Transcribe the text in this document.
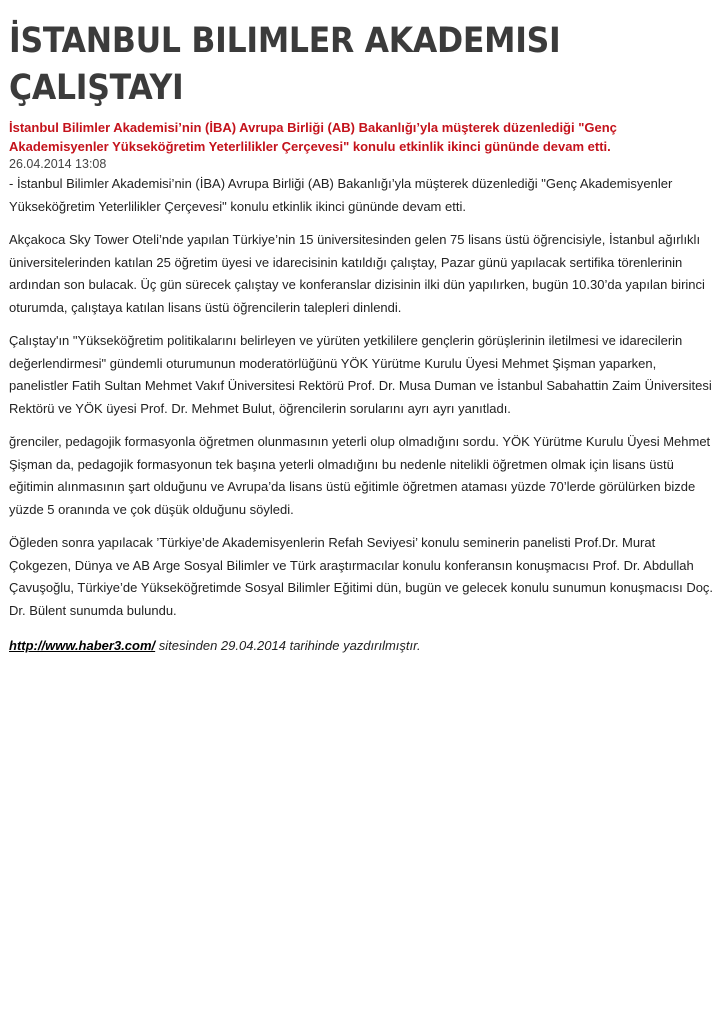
İSTANBUL BILIMLER AKADEMISI
ÇALIŞTAYI

İstanbul Bilimler Akademisi’nin (İBA) Avrupa Birliği (AB) Bakanlığı’yla müşterek düzenlediği "Genç Akademisyenler Yükseköğretim Yeterlilikler Çerçevesi" konulu etkinlik ikinci gününde devam etti.

26.04.2014 13:08

- İstanbul Bilimler Akademisi’nin (İBA) Avrupa Birliği (AB) Bakanlığı’yla müşterek düzenlediği "Genç Akademisyenler Yükseköğretim Yeterlilikler Çerçevesi" konulu etkinlik ikinci gününde devam etti.

Akçakoca Sky Tower Oteli’nde yapılan Türkiye’nin 15 üniversitesinden gelen 75 lisans üstü öğrencisiyle, İstanbul ağırlıklı üniversitelerinden katılan 25 öğretim üyesi ve idarecisinin katıldığı çalıştay, Pazar günü yapılacak sertifika törenlerinin ardından son bulacak. Üç gün sürecek çalıştay ve konferanslar dizisinin ilki dün yapılırken, bugün 10.30’da yapılan birinci oturumda, çalıştaya katılan lisans üstü öğrencilerin talepleri dinlendi.

Çalıştay'ın "Yükseköğretim politikalarını belirleyen ve yürüten yetkililere gençlerin görüşlerinin iletilmesi ve idarecilerin değerlendirmesi" gündemli oturumunun moderatörlüğünü YÖK Yürütme Kurulu Üyesi Mehmet Şişman yaparken, panelistler Fatih Sultan Mehmet Vakıf Üniversitesi Rektörü Prof. Dr. Musa Duman ve İstanbul Sabahattin Zaim Üniversitesi Rektörü ve YÖK üyesi Prof. Dr. Mehmet Bulut, öğrencilerin sorularını ayrı ayrı yanıtladı.

ğrenciler, pedagojik formasyonla öğretmen olunmasının yeterli olup olmadığını sordu. YÖK Yürütme Kurulu Üyesi Mehmet Şişman da, pedagojik formasyonun tek başına yeterli olmadığını bu nedenle nitelikli öğretmen olmak için lisans üstü eğitimin alınmasının şart olduğunu ve Avrupa’da lisans üstü eğitimle öğretmen ataması yüzde 70’lerde görülürken bizde yüzde 5 oranında ve çok düşük olduğunu söyledi.

Öğleden sonra yapılacak ’Türkiye’de Akademisyenlerin Refah Seviyesi’ konulu seminerin panelisti Prof.Dr. Murat Çokgezen, Dünya ve AB Arge Sosyal Bilimler ve Türk araştırmacılar konulu konferansın konuşmacısı Prof. Dr. Abdullah Çavuşoğlu, Türkiye’de Yükseköğretimde Sosyal Bilimler Eğitimi dün, bugün ve gelecek konulu sunumun konuşmacısı Doç. Dr. Bülent sunumda bulundu.

http://www.haber3.com/ sitesinden 29.04.2014 tarihinde yazdırılmıştır.
